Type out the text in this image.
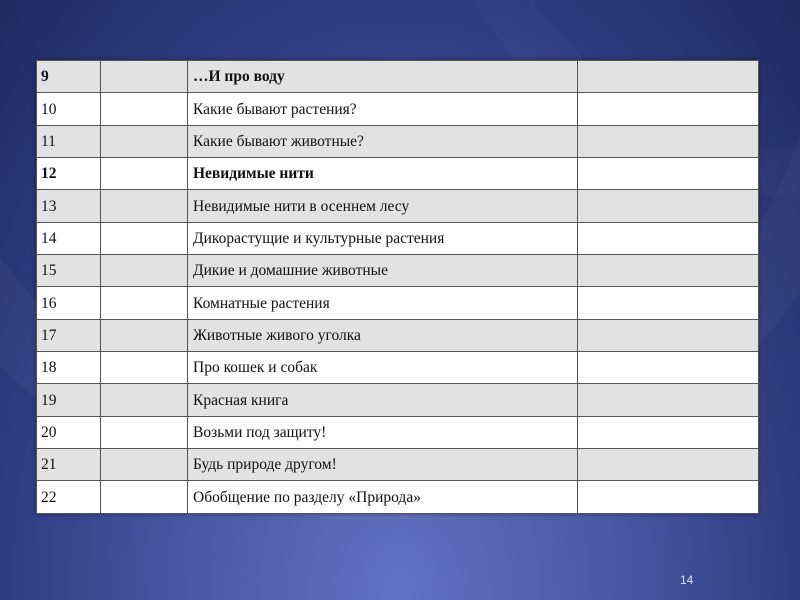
9		…И про воду	
10		Какие бывают растения?	
11		Какие бывают животные?	
12		Невидимые нити	
13		Невидимые нити в осеннем лесу	
14		Дикорастущие и культурные растения	
15		Дикие и домашние животные	
16		Комнатные растения	
17		Животные живого уголка	
18		Про кошек и собак	
19		Красная книга	
20		Возьми под защиту!	
21		Будь природе другом!	
22		Обобщение по разделу «Природа»	
14
